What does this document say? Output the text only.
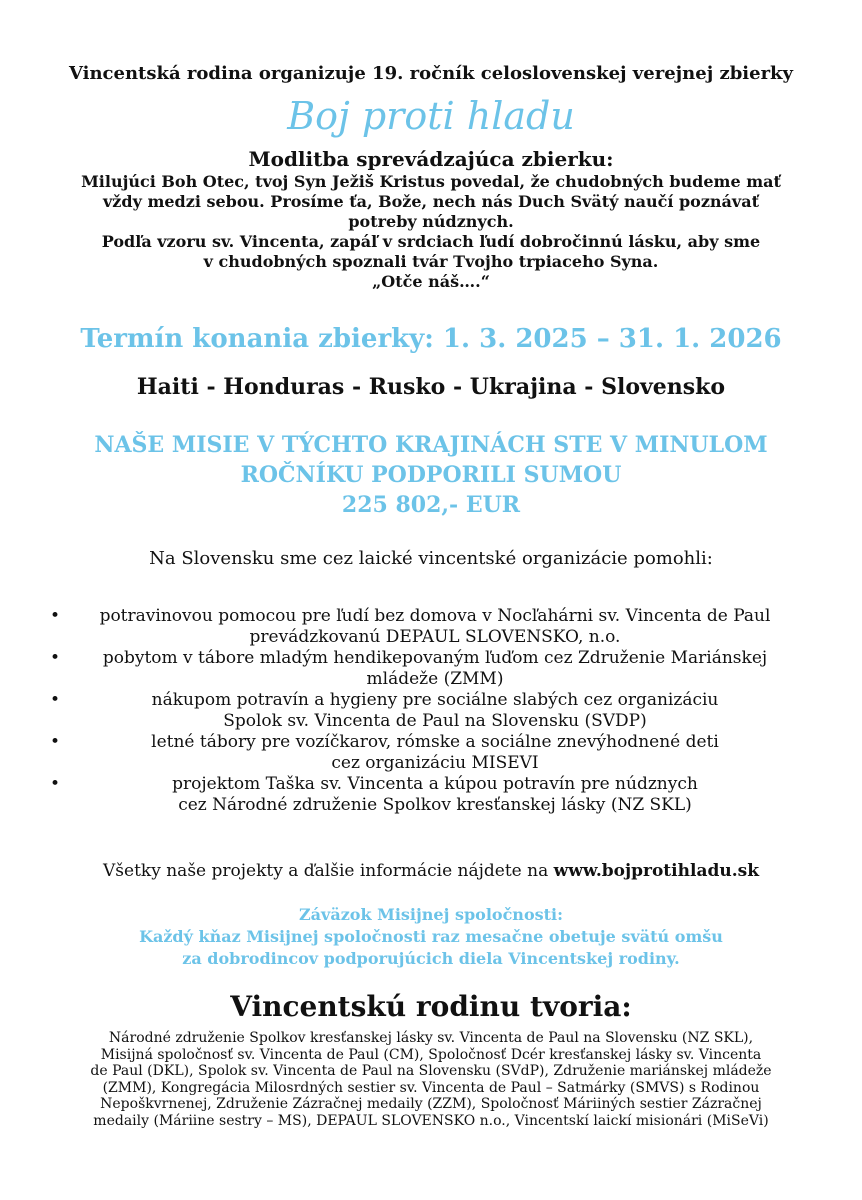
Vincentská rodina organizuje 19. ročník celoslovenskej verejnej zbierky
Boj proti hladu
Modlitba sprevádzajúca zbierku:
Milujúci Boh Otec, tvoj Syn Ježiš Kristus povedal, že chudobných budeme mať
vždy medzi sebou. Prosíme ťa, Bože, nech nás Duch Svätý naučí poznávať
potreby núdznych.
Podľa vzoru sv. Vincenta, zapáľ v srdciach ľudí dobročinnú lásku, aby sme
v chudobných spoznali tvár Tvojho trpiaceho Syna.
„Otče náš….“
Termín konania zbierky: 1. 3. 2025 – 31. 1. 2026
Haiti - Honduras - Rusko - Ukrajina - Slovensko
NAŠE MISIE V TÝCHTO KRAJINÁCH STE V MINULOM
ROČNÍKU PODPORILI SUMOU
225 802,- EUR
Na Slovensku sme cez laické vincentské organizácie pomohli:
•	potravinovou pomocou pre ľudí bez domova v Nocľahárni sv. Vincenta de Paul
prevádzkovanú DEPAUL SLOVENSKO, n.o.
•	pobytom v tábore mladým hendikepovaným ľuďom cez Združenie Mariánskej
mládeže (ZMM)
•	nákupom potravín a hygieny pre sociálne slabých cez organizáciu
Spolok sv. Vincenta de Paul na Slovensku (SVDP)
•	letné tábory pre vozíčkarov, rómske a sociálne znevýhodnené deti
cez organizáciu MISEVI
•	projektom Taška sv. Vincenta a kúpou potravín pre núdznych
cez Národné združenie Spolkov kresťanskej lásky (NZ SKL)
Všetky naše projekty a ďalšie informácie nájdete na www.bojprotihladu.sk
Záväzok Misijnej spoločnosti:
Každý kňaz Misijnej spoločnosti raz mesačne obetuje svätú omšu
za dobrodincov podporujúcich diela Vincentskej rodiny.
Vincentskú rodinu tvoria:
Národné združenie Spolkov kresťanskej lásky sv. Vincenta de Paul na Slovensku (NZ SKL),
Misijná spoločnosť sv. Vincenta de Paul (CM), Spoločnosť Dcér kresťanskej lásky sv. Vincenta
de Paul (DKL), Spolok sv. Vincenta de Paul na Slovensku (SVdP), Združenie mariánskej mládeže
(ZMM), Kongregácia Milosrdných sestier sv. Vincenta de Paul – Satmárky (SMVS) s Rodinou
Nepoškvrnenej, Združenie Zázračnej medaily (ZZM), Spoločnosť Máriiných sestier Zázračnej
medaily (Máriine sestry – MS), DEPAUL SLOVENSKO n.o., Vincentskí laickí misionári (MiSeVi)
